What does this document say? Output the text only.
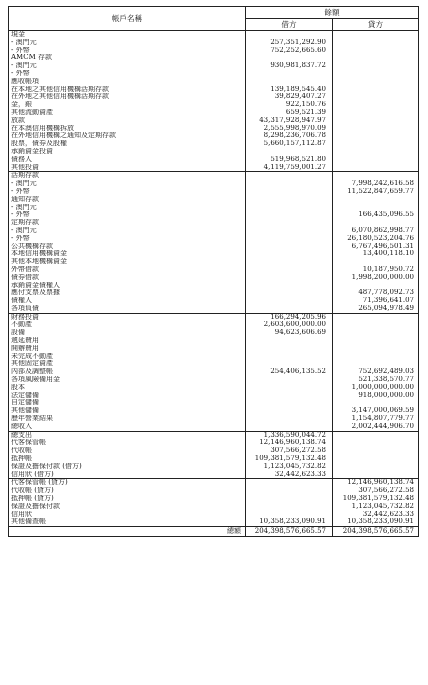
帳戶名稱	餘額	
	借方	貸方
現金		
- 澳門元	257,351,292.90	
- 外幣	752,252,665.60	
AMCM 存款		
- 澳門元	930,981,837.72	
- 外幣		
應收帳項		
在本地之其他信用機構活期存款	139,189,545.40	
在外地之其他信用機構活期存款	39,829,407.27	
金，銀	922,150.76	
其他流動資產	659,521.39	
放款	43,317,928,947.97	
在本澳信用機構拆放	2,555,998,970.09	
在外地信用機構之通知及定期存款	8,298,236,706.78	
股票，債券及股權	5,660,157,112.87	
承銷資金投資		
債務人	519,968,521.80	
其他投資	4,119,759,001.27	
活期存款		
- 澳門元		7,998,242,616.58
- 外幣		11,522,847,659.77
通知存款		
- 澳門元		
- 外幣		166,435,096.55
定期存款		
- 澳門元		6,070,862,998.77
- 外幣		26,180,523,204.76
公共機構存款		6,767,496,501.31
本地信用機構資金		13,400,118.10
其他本地機構資金		
外幣借款		10,187,950.72
債券借款		1,998,200,000.00
承銷資金債權人		
應付支票及票據		487,778,092.73
債權人		71,396,641.07
各項負債		265,094,978.49
財務投資	166,294,205.96	
不動產	2,603,600,000.00	
設備	94,623,606.69	
遞延費用		
開辦費用		
未完成不動產		
其他固定資產		
內部及調整帳	254,406,135.52	752,692,489.03
各項風險備用金		521,338,570.77
股本		1,000,000,000.00
法定儲備		918,000,000.00
自定儲備		
其他儲備		3,147,000,069.59
歷年營業結果		1,154,807,779.77
總收入		2,002,444,906.70
總支出	1,336,590,044.72	
代客保管帳	12,146,960,138.74	
代收帳	307,566,272.58	
抵押帳	109,381,579,132.48	
保證及擔保付款 (借方)	1,123,045,732.82	
信用狀 (借方)	32,442,623.33	
代客保管帳 (貸方)		12,146,960,138.74
代收帳 (貸方)		307,566,272.58
抵押帳 (貸方)		109,381,579,132.48
保證及擔保付款		1,123,045,732.82
信用狀		32,442,623.33
其他備查帳	10,358,233,090.91	10,358,233,090.91
總額	204,398,576,665.57	204,398,576,665.57
